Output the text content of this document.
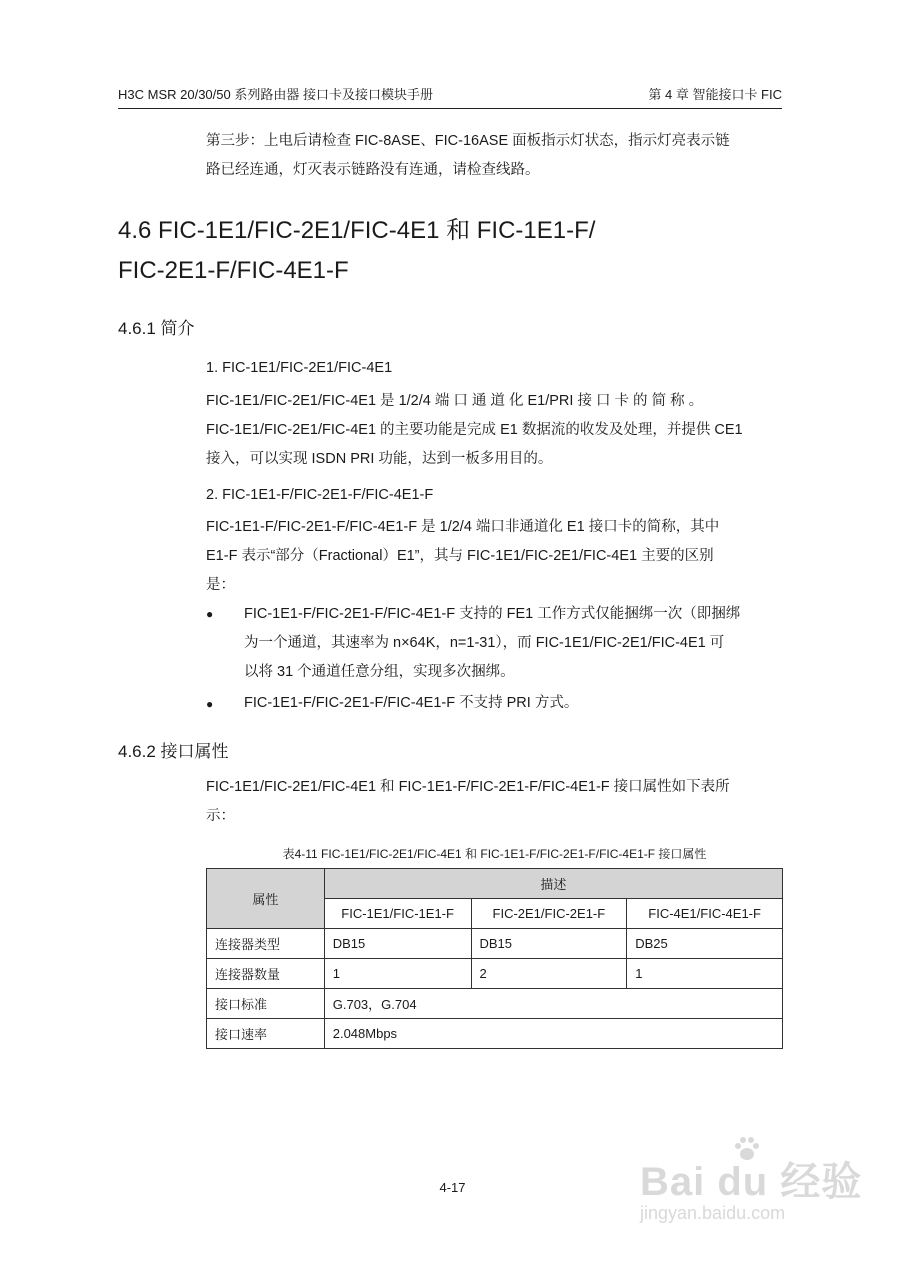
H3C MSR 20/30/50 系列路由器 接口卡及接口模块手册	第 4 章 智能接口卡 FIC
第三步：上电后请检查 FIC-8ASE、FIC-16ASE 面板指示灯状态，指示灯亮表示链
路已经连通，灯灭表示链路没有连通，请检查线路。
4.6 FIC-1E1/FIC-2E1/FIC-4E1 和 FIC-1E1-F/
FIC-2E1-F/FIC-4E1-F
4.6.1 简介
1. FIC-1E1/FIC-2E1/FIC-4E1
FIC-1E1/FIC-2E1/FIC-4E1 是 1/2/4 端 口 通 道 化 E1/PRI 接 口 卡 的 简 称 。
FIC-1E1/FIC-2E1/FIC-4E1 的主要功能是完成 E1 数据流的收发及处理，并提供 CE1
接入，可以实现 ISDN PRI 功能，达到一板多用目的。
2. FIC-1E1-F/FIC-2E1-F/FIC-4E1-F
FIC-1E1-F/FIC-2E1-F/FIC-4E1-F 是 1/2/4 端口非通道化 E1 接口卡的简称，其中
E1-F 表示“部分（Fractional）E1”，其与 FIC-1E1/FIC-2E1/FIC-4E1 主要的区别
是：
● FIC-1E1-F/FIC-2E1-F/FIC-4E1-F 支持的 FE1 工作方式仅能捆绑一次（即捆绑
为一个通道，其速率为 n×64K，n=1-31），而 FIC-1E1/FIC-2E1/FIC-4E1 可
以将 31 个通道任意分组，实现多次捆绑。
● FIC-1E1-F/FIC-2E1-F/FIC-4E1-F 不支持 PRI 方式。
4.6.2 接口属性
FIC-1E1/FIC-2E1/FIC-4E1 和 FIC-1E1-F/FIC-2E1-F/FIC-4E1-F 接口属性如下表所
示：
表4-11 FIC-1E1/FIC-2E1/FIC-4E1 和 FIC-1E1-F/FIC-2E1-F/FIC-4E1-F 接口属性
属性	描述		
	FIC-1E1/FIC-1E1-F	FIC-2E1/FIC-2E1-F	FIC-4E1/FIC-4E1-F
连接器类型	DB15	DB15	DB25
连接器数量	1	2	1
接口标准	G.703，G.704		
接口速率	2.048Mbps		
4-17	Bai du 经验
jingyan.baidu.com
